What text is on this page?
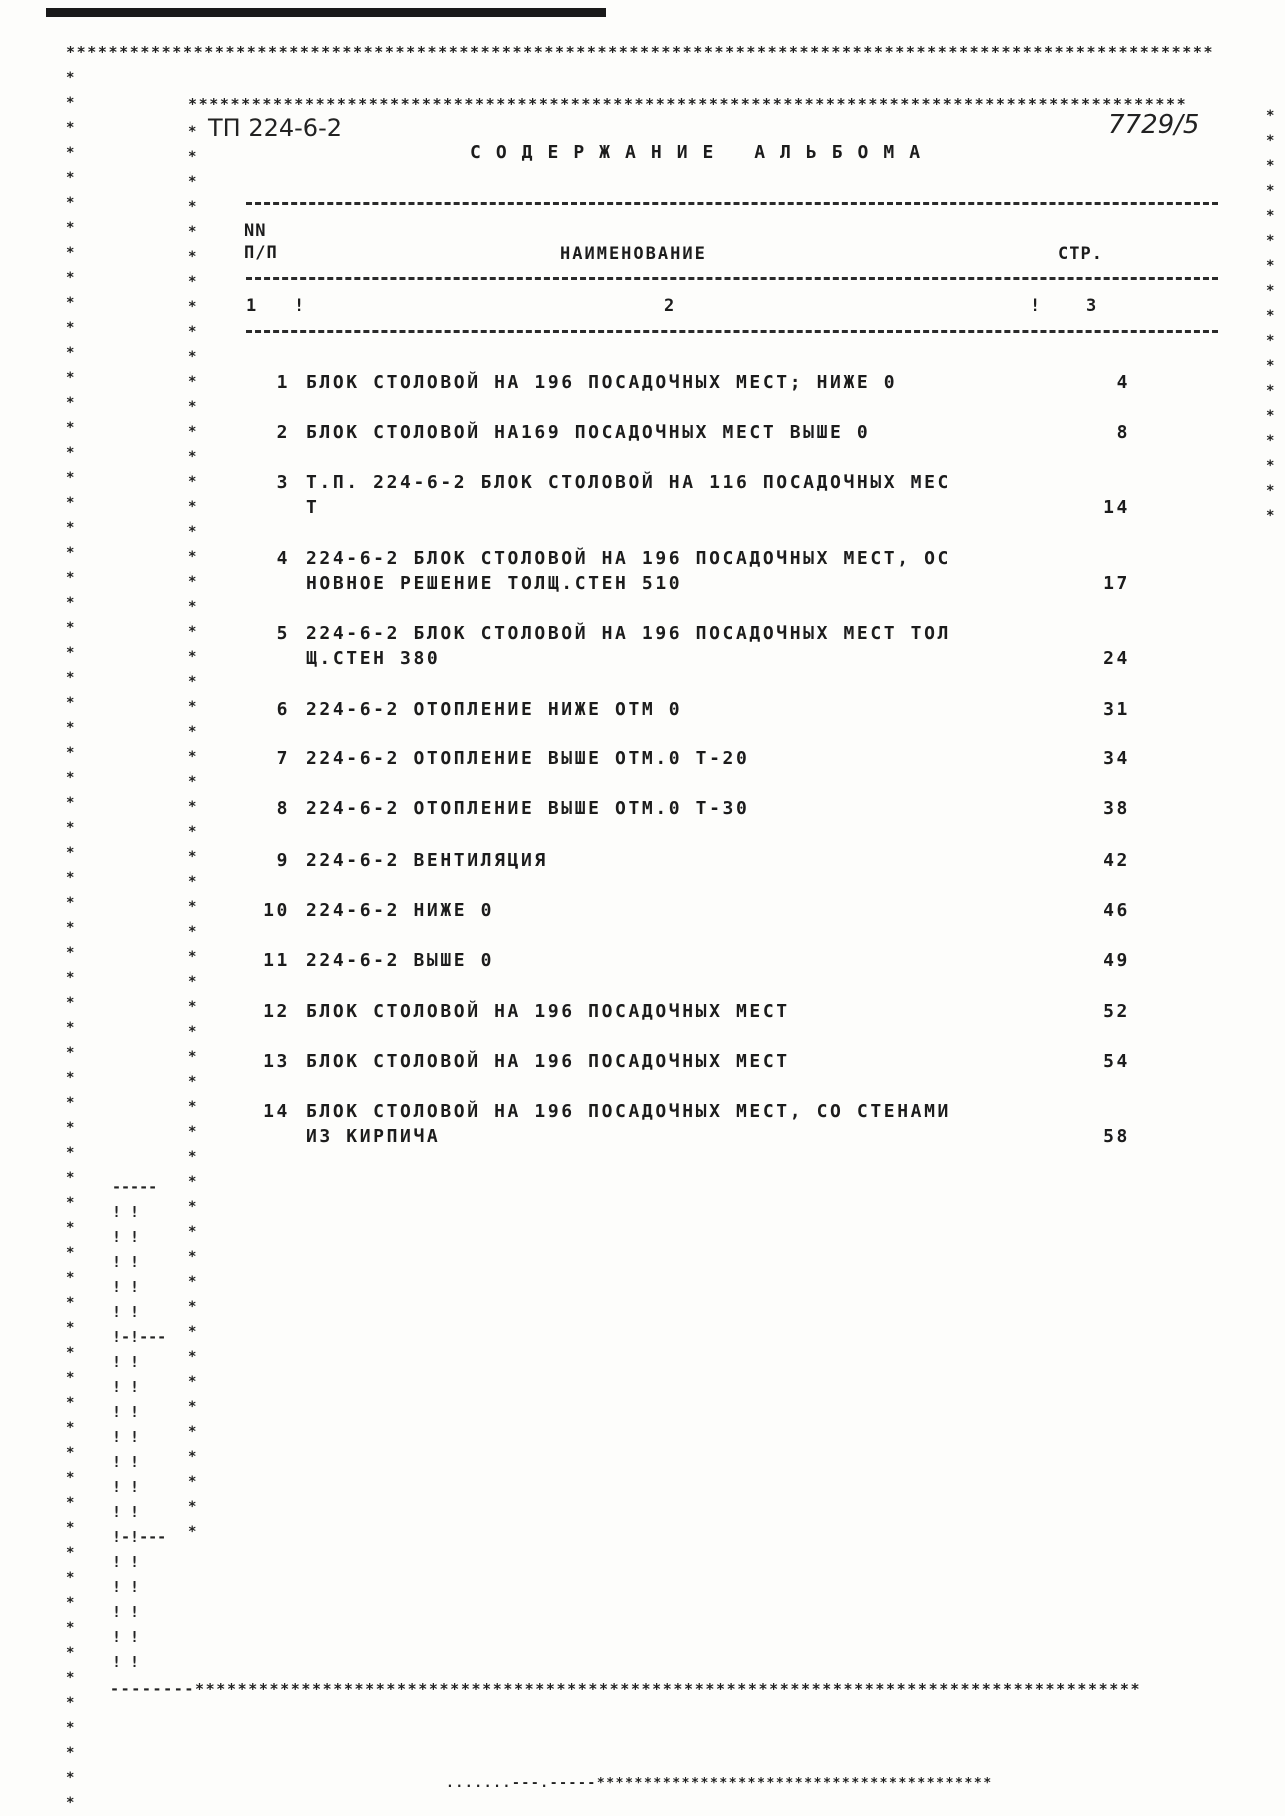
************************************************************************************************************
*
*
*
*
*
*
*
*
*
*
*
*
*
*
*
*
*
*
*
*
*
*
*
*
*
*
*
*
*
*
*
*
*
*
*
*
*
*
*
*
*
*
*
*
*
*
*
*
*
*
*
*
*
*
*
*
*
*
*
*
*
*
*
*
*
*
*
*
*
*
*
*
*
*
*
*
*
*
*
*
*
*
*
*
*
*
*
--------*****************************************************************************************
.......---.-----******************************************
**********************************************************************************************
*
*
*
*
*
*
*
*
*
*
*
*
*
*
*
*
*
*
*
*
*
*
*
*
*
*
*
*
*
*
*
*
*
*
*
*
*
*
*
*
*
*
*
*
*
*
*
*
*
*
*
*
*
*
*
*
*
-----
! !
! !
! !
! !
! !
!-!---
! !
! !
! !
! !
! !
! !
! !
!-!---
! !
! !
! !
! !
! !
ТП 224-6-2	7729/5
СОДЕРЖАНИЕ АЛЬБОМА
NN
П/П	НАИМЕНОВАНИЕ	СТР.
1 !	2	!	3
1 БЛОК СТОЛОВОЙ НА 196 ПОСАДОЧНЫХ МЕСТ; НИЖЕ 0	4
2 БЛОК СТОЛОВОЙ НА169 ПОСАДОЧНЫХ МЕСТ ВЫШЕ 0	8
3 Т.П. 224-6-2 БЛОК СТОЛОВОЙ НА 116 ПОСАДОЧНЫХ МЕС
Т	14
4 224-6-2 БЛОК СТОЛОВОЙ НА 196 ПОСАДОЧНЫХ МЕСТ, ОС
НОВНОЕ РЕШЕНИЕ ТОЛЩ.СТЕН 510	17
5 224-6-2 БЛОК СТОЛОВОЙ НА 196 ПОСАДОЧНЫХ МЕСТ ТОЛ
Щ.СТЕН 380	24
6 224-6-2 ОТОПЛЕНИЕ НИЖЕ ОТМ 0	31
7 224-6-2 ОТОПЛЕНИЕ ВЫШЕ ОТМ.0 Т-20	34
8 224-6-2 ОТОПЛЕНИЕ ВЫШЕ ОТМ.0 Т-30	38
9 224-6-2 ВЕНТИЛЯЦИЯ	42
10 224-6-2 НИЖЕ 0	46
11 224-6-2 ВЫШЕ 0	49
12 БЛОК СТОЛОВОЙ НА 196 ПОСАДОЧНЫХ МЕСТ	52
13 БЛОК СТОЛОВОЙ НА 196 ПОСАДОЧНЫХ МЕСТ	54
14 БЛОК СТОЛОВОЙ НА 196 ПОСАДОЧНЫХ МЕСТ, СО СТЕНАМИ
ИЗ КИРПИЧА	58
